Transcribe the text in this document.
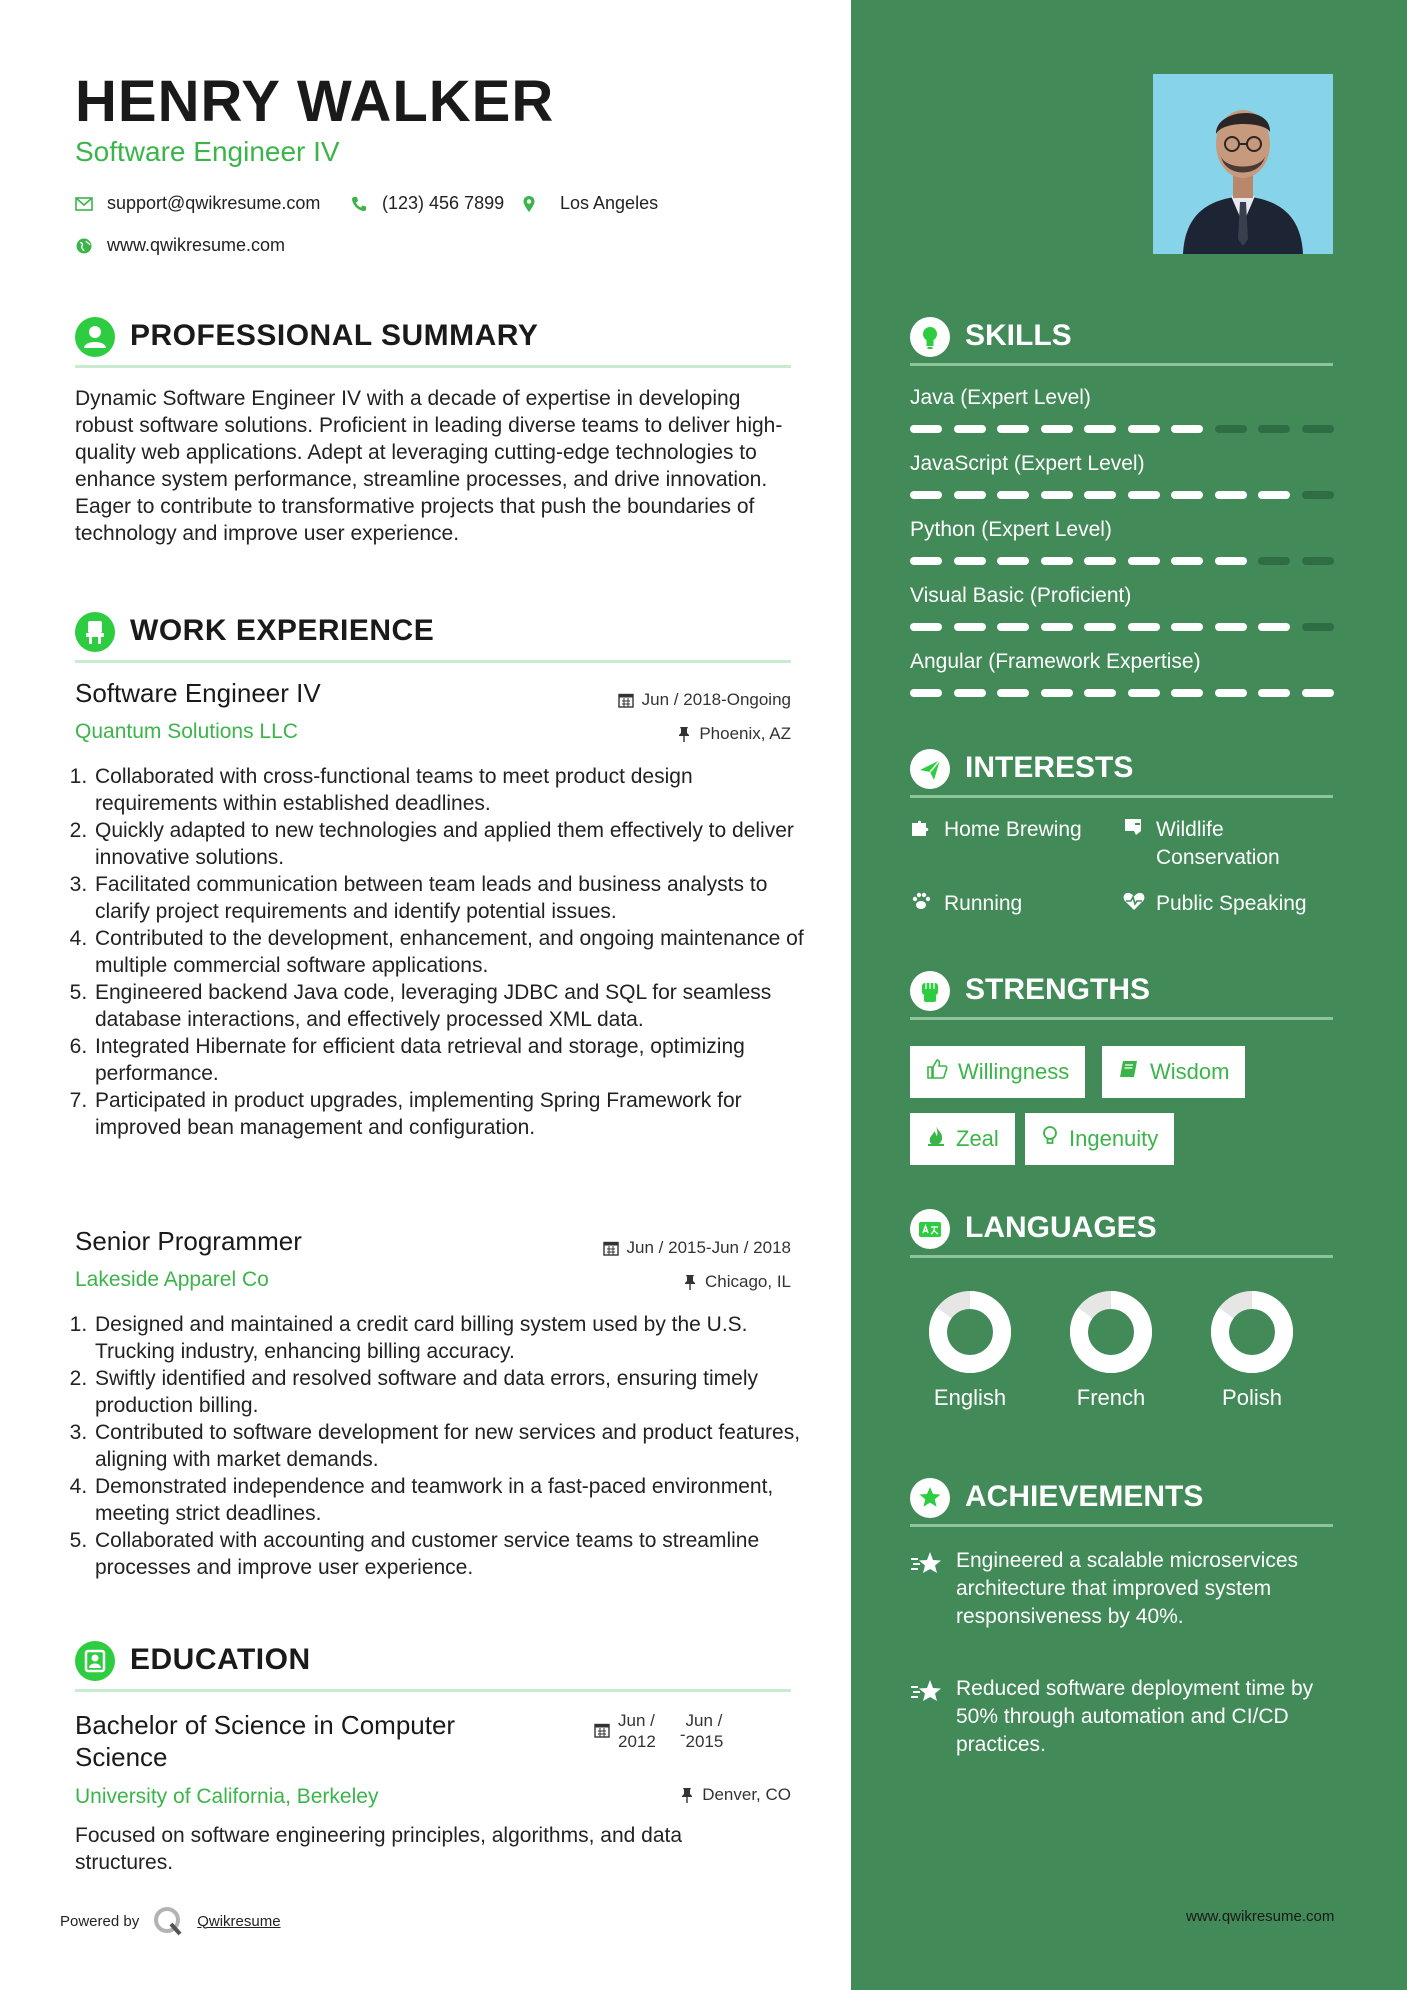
HENRY WALKER
Software Engineer IV
support@qwikresume.com	(123) 456 7899	Los Angeles
www.qwikresume.com
PROFESSIONAL SUMMARY
Dynamic Software Engineer IV with a decade of expertise in developing robust software solutions. Proficient in leading diverse teams to deliver high-quality web applications. Adept at leveraging cutting-edge technologies to enhance system performance, streamline processes, and drive innovation. Eager to contribute to transformative projects that push the boundaries of technology and improve user experience.
WORK EXPERIENCE
Software Engineer IV	Jun / 2018-Ongoing
Quantum Solutions LLC	Phoenix, AZ
1. Collaborated with cross-functional teams to meet product design requirements within established deadlines.
2. Quickly adapted to new technologies and applied them effectively to deliver innovative solutions.
3. Facilitated communication between team leads and business analysts to clarify project requirements and identify potential issues.
4. Contributed to the development, enhancement, and ongoing maintenance of multiple commercial software applications.
5. Engineered backend Java code, leveraging JDBC and SQL for seamless database interactions, and effectively processed XML data.
6. Integrated Hibernate for efficient data retrieval and storage, optimizing performance.
7. Participated in product upgrades, implementing Spring Framework for improved bean management and configuration.
Senior Programmer	Jun / 2015-Jun / 2018
Lakeside Apparel Co	Chicago, IL
1. Designed and maintained a credit card billing system used by the U.S. Trucking industry, enhancing billing accuracy.
2. Swiftly identified and resolved software and data errors, ensuring timely production billing.
3. Contributed to software development for new services and product features, aligning with market demands.
4. Demonstrated independence and teamwork in a fast-paced environment, meeting strict deadlines.
5. Collaborated with accounting and customer service teams to streamline processes and improve user experience.
EDUCATION
Bachelor of Science in Computer
Science
Jun /
2012 -
Jun /
2015
University of California, Berkeley	Denver, CO
Focused on software engineering principles, algorithms, and data structures.
Powered by	Qwikresume
SKILLS
Java (Expert Level)
JavaScript (Expert Level)
Python (Expert Level)
Visual Basic (Proficient)
Angular (Framework Expertise)
INTERESTS
Home Brewing	Wildlife
Conservation
Running	Public Speaking
STRENGTHS
Willingness	Wisdom
Zeal	Ingenuity
LANGUAGES
English	French	Polish
ACHIEVEMENTS
Engineered a scalable microservices architecture that improved system responsiveness by 40%.
Reduced software deployment time by 50% through automation and CI/CD practices.
www.qwikresume.com
